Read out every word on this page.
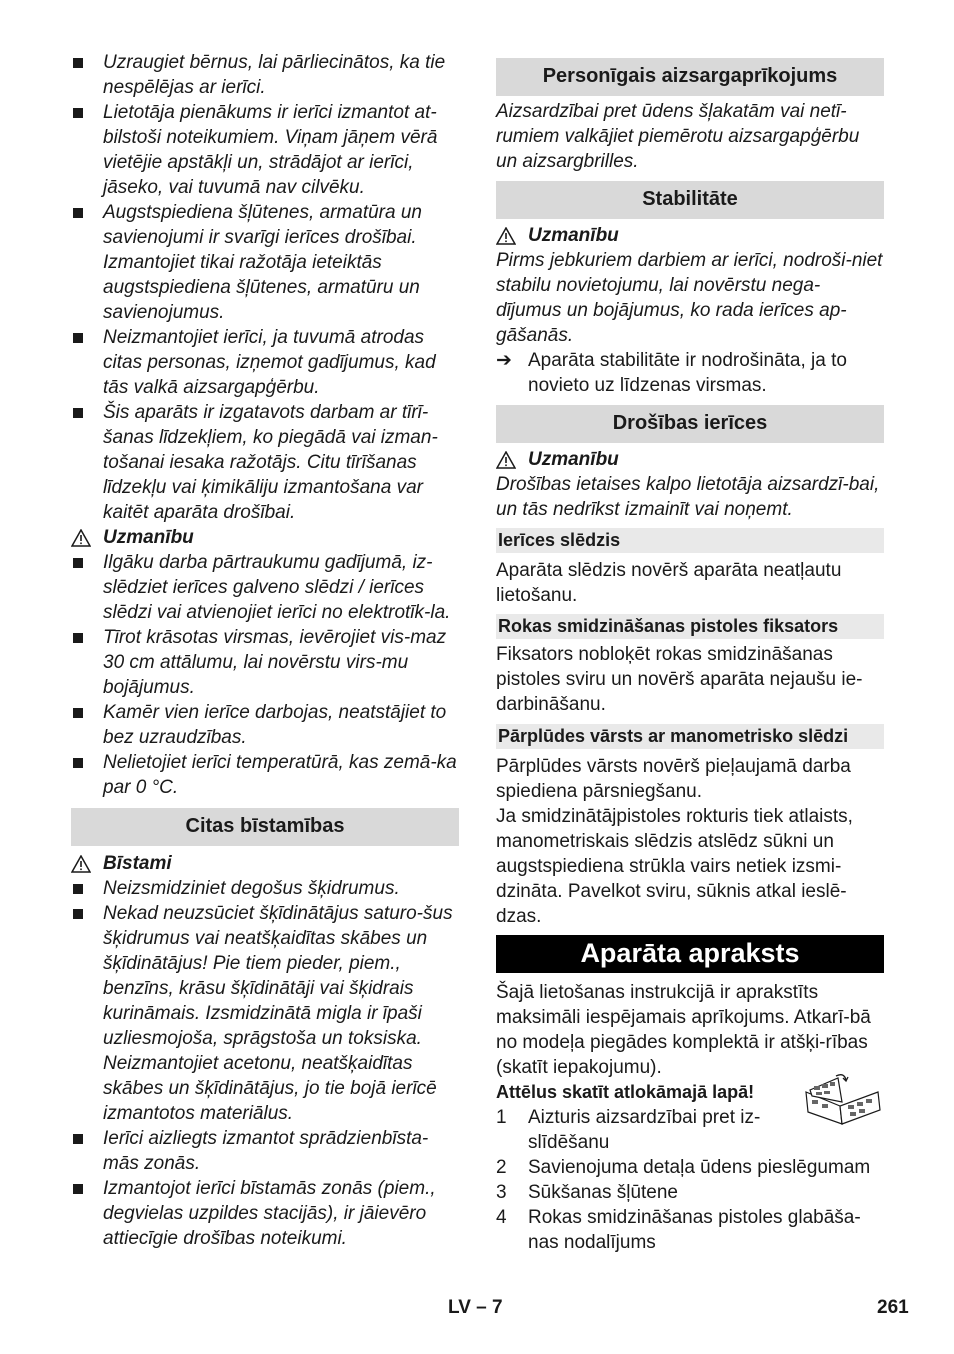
Uzraugiet bērnus, lai pārliecinātos, ka tie nespēlējas ar ierīci.
Lietotāja pienākums ir ierīci izmantot at-bilstoši noteikumiem. Viņam jāņem vērā vietējie apstākļi un, strādājot ar ierīci, jāseko, vai tuvumā nav cilvēku.
Augstspiediena šļūtenes, armatūra un savienojumi ir svarīgi ierīces drošībai. Izmantojiet tikai ražotāja ieteiktās augstspiediena šļūtenes, armatūru un savienojumus.
Neizmantojiet ierīci, ja tuvumā atrodas citas personas, izņemot gadījumus, kad tās valkā aizsargapģērbu.
Šis aparāts ir izgatavots darbam ar tīrī-šanas līdzekļiem, ko piegādā vai izman-tošanai iesaka ražotājs. Citu tīrīšanas līdzekļu vai ķimikāliju izmantošana var kaitēt aparāta drošībai.
Uzmanību
Ilgāku darba pārtraukumu gadījumā, iz-slēdziet ierīces galveno slēdzi / ierīces slēdzi vai atvienojiet ierīci no elektrotīk-la.
Tīrot krāsotas virsmas, ievērojiet vis-maz 30 cm attālumu, lai novērstu virs-mu bojājumus.
Kamēr vien ierīce darbojas, neatstājiet to bez uzraudzības.
Nelietojiet ierīci temperatūrā, kas zemā-ka par 0 °C.
Citas bīstamības
Bīstami
Neizsmidziniet degošus šķidrumus.
Nekad neuzsūciet šķīdinātājus saturo-šus šķidrumus vai neatšķaidītas skābes un šķīdinātājus! Pie tiem pieder, piem., benzīns, krāsu šķīdinātāji vai šķidrais kurināmais. Izsmidzinātā migla ir īpaši uzliesmojoša, sprāgstoša un toksiska. Neizmantojiet acetonu, neatšķaidītas skābes un šķīdinātājus, jo tie bojā ierīcē izmantotos materiālus.
Ierīci aizliegts izmantot sprādzienbīsta-mās zonās.
Izmantojot ierīci bīstamās zonās (piem., degvielas uzpildes stacijās), ir jāievēro attiecīgie drošības noteikumi.
Personīgais aizsargaprīkojums

Aizsardzībai pret ūdens šļakatām vai netī-rumiem valkājiet piemērotu aizsargapģērbu un aizsargbrilles.

Stabilitāte
Uzmanību

Pirms jebkuriem darbiem ar ierīci, nodroši-niet stabilu novietojumu, lai novērstu nega-dījumus un bojājumus, ko rada ierīces ap-gāšanās.

➔ Aparāta stabilitāte ir nodrošināta, ja to novieto uz līdzenas virsmas.
Drošības ierīces
Uzmanību

Drošības ietaises kalpo lietotāja aizsardzī-bai, un tās nedrīkst izmainīt vai noņemt.

Ierīces slēdzis

Aparāta slēdzis novērš aparāta neatļautu lietošanu.

Rokas smidzināšanas pistoles fiksators

Fiksators nobloķēt rokas smidzināšanas pistoles sviru un novērš aparāta nejaušu ie-darbināšanu.

Pārplūdes vārsts ar manometrisko slēdzi

Pārplūdes vārsts novērš pieļaujamā darba spiediena pārsniegšanu.

Ja smidzinātājpistoles rokturis tiek atlaists, manometriskais slēdzis atslēdz sūkni un augstspiediena strūkla vairs netiek izsmi-dzināta. Pavelkot sviru, sūknis atkal ieslē-dzas.

Aparāta apraksts

Šajā lietošanas instrukcijā ir aprakstīts maksimāli iespējamais aprīkojums. Atkarī-bā no modeļa piegādes komplektā ir atšķi-rības (skatīt iepakojumu).

Attēlus skatīt atlokāmajā lapā!

1 Aizturis aizsardzībai pret iz-slīdēšanu
2 Savienojuma detaļa ūdens pieslēgumam
3 Sūkšanas šļūtene
4 Rokas smidzināšanas pistoles glabāša-nas nodalījums
LV – 7	261
